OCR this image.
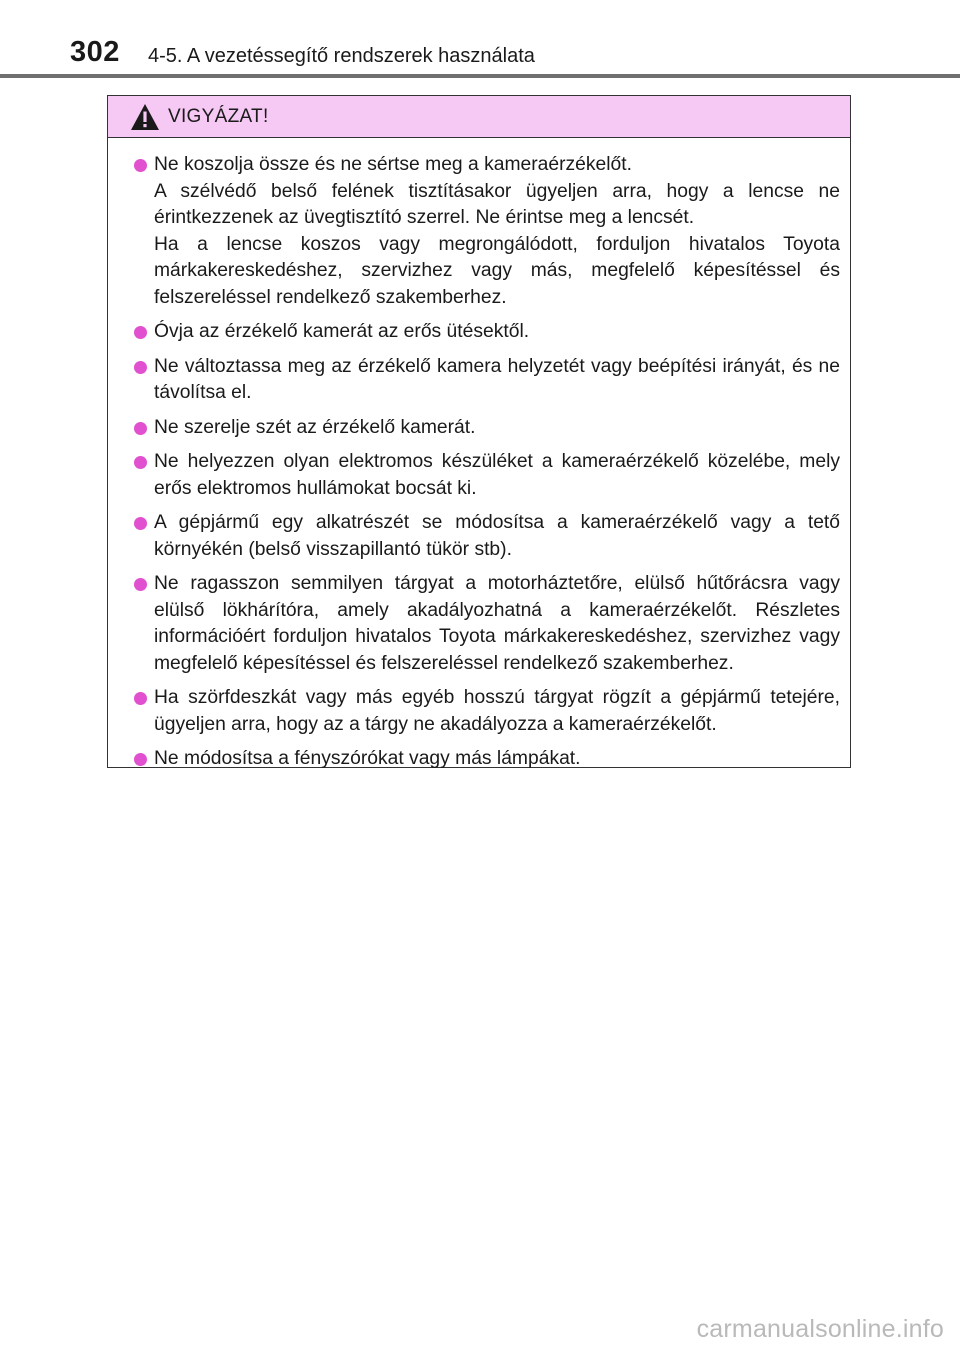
302 4-5. A vezetéssegítő rendszerek használata
VIGYÁZAT!
Ne koszolja össze és ne sértse meg a kameraérzékelőt.
A szélvédő belső felének tisztításakor ügyeljen arra, hogy a lencse ne érintkezzenek az üvegtisztító szerrel. Ne érintse meg a lencsét.
Ha a lencse koszos vagy megrongálódott, forduljon hivatalos Toyota márkakereskedéshez, szervizhez vagy más, megfelelő képesítéssel és felszereléssel rendelkező szakemberhez.
Óvja az érzékelő kamerát az erős ütésektől.
Ne változtassa meg az érzékelő kamera helyzetét vagy beépítési irányát, és ne távolítsa el.
Ne szerelje szét az érzékelő kamerát.
Ne helyezzen olyan elektromos készüléket a kameraérzékelő közelébe, mely erős elektromos hullámokat bocsát ki.
A gépjármű egy alkatrészét se módosítsa a kameraérzékelő vagy a tető környékén (belső visszapillantó tükör stb).
Ne ragasszon semmilyen tárgyat a motorháztetőre, elülső hűtőrácsra vagy elülső lökhárítóra, amely akadályozhatná a kameraérzékelőt. Részletes információért forduljon hivatalos Toyota márkakereskedéshez, szervizhez vagy megfelelő képesítéssel és felszereléssel rendelkező szakemberhez.
Ha szörfdeszkát vagy más egyéb hosszú tárgyat rögzít a gépjármű tetejére, ügyeljen arra, hogy az a tárgy ne akadályozza a kameraérzékelőt.
Ne módosítsa a fényszórókat vagy más lámpákat.
carmanualsonline.info
